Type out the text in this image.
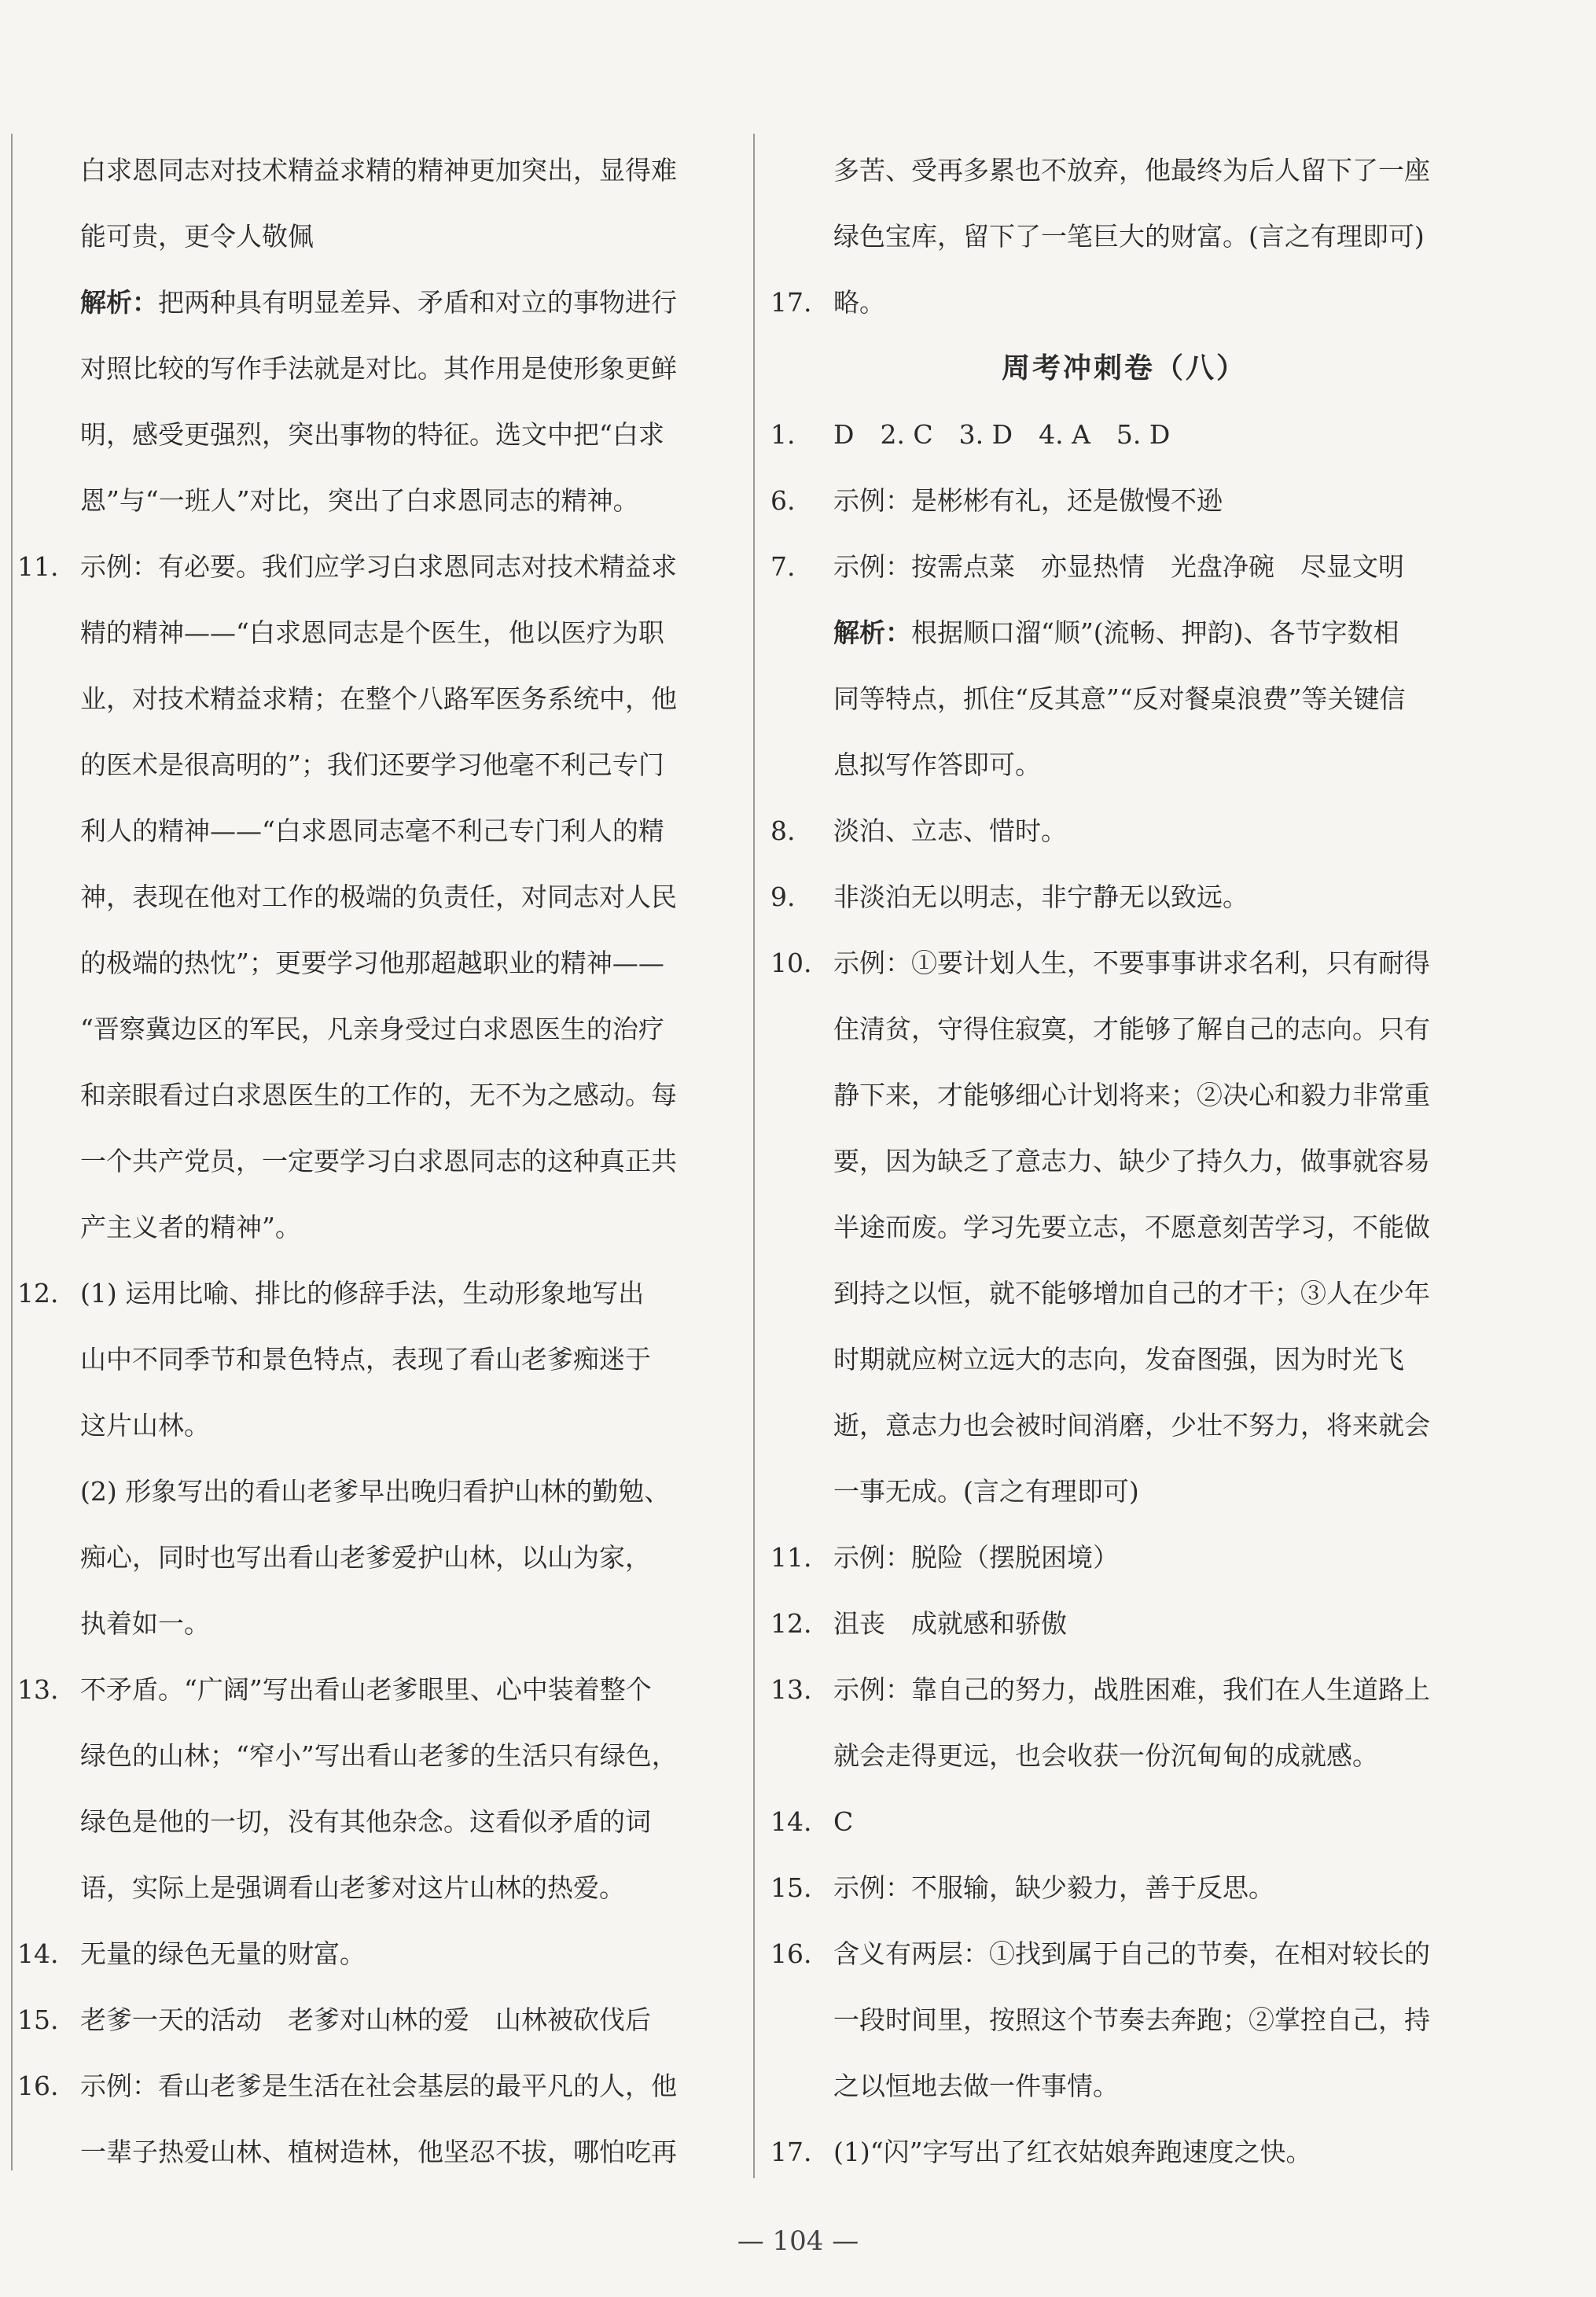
白求恩同志对技术精益求精的精神更加突出，显得难
能可贵，更令人敬佩
解析：把两种具有明显差异、矛盾和对立的事物进行
对照比较的写作手法就是对比。其作用是使形象更鲜
明，感受更强烈，突出事物的特征。选文中把“白求
恩”与“一班人”对比，突出了白求恩同志的精神。
11. 示例：有必要。我们应学习白求恩同志对技术精益求
精的精神——“白求恩同志是个医生，他以医疗为职
业，对技术精益求精；在整个八路军医务系统中，他
的医术是很高明的”；我们还要学习他毫不利己专门
利人的精神——“白求恩同志毫不利己专门利人的精
神，表现在他对工作的极端的负责任，对同志对人民
的极端的热忱”；更要学习他那超越职业的精神——
“晋察冀边区的军民，凡亲身受过白求恩医生的治疗
和亲眼看过白求恩医生的工作的，无不为之感动。每
一个共产党员，一定要学习白求恩同志的这种真正共
产主义者的精神”。
12. (1) 运用比喻、排比的修辞手法，生动形象地写出
山中不同季节和景色特点，表现了看山老爹痴迷于
这片山林。
(2) 形象写出的看山老爹早出晚归看护山林的勤勉、
痴心，同时也写出看山老爹爱护山林，以山为家，
执着如一。
13. 不矛盾。“广阔”写出看山老爹眼里、心中装着整个
绿色的山林；“窄小”写出看山老爹的生活只有绿色，
绿色是他的一切，没有其他杂念。这看似矛盾的词
语，实际上是强调看山老爹对这片山林的热爱。
14. 无量的绿色无量的财富。
15. 老爹一天的活动　老爹对山林的爱　山林被砍伐后
16. 示例：看山老爹是生活在社会基层的最平凡的人，他
一辈子热爱山林、植树造林，他坚忍不拔，哪怕吃再
多苦、受再多累也不放弃，他最终为后人留下了一座
绿色宝库，留下了一笔巨大的财富。(言之有理即可)
17. 略。
周考冲刺卷（八）
1. D　2. C　3. D　4. A　5. D
6. 示例：是彬彬有礼，还是傲慢不逊
7. 示例：按需点菜　亦显热情　光盘净碗　尽显文明
解析：根据顺口溜“顺”(流畅、押韵)、各节字数相
同等特点，抓住“反其意”“反对餐桌浪费”等关键信
息拟写作答即可。
8. 淡泊、立志、惜时。
9. 非淡泊无以明志，非宁静无以致远。
10. 示例：①要计划人生，不要事事讲求名利，只有耐得
住清贫，守得住寂寞，才能够了解自己的志向。只有
静下来，才能够细心计划将来；②决心和毅力非常重
要，因为缺乏了意志力、缺少了持久力，做事就容易
半途而废。学习先要立志，不愿意刻苦学习，不能做
到持之以恒，就不能够增加自己的才干；③人在少年
时期就应树立远大的志向，发奋图强，因为时光飞
逝，意志力也会被时间消磨，少壮不努力，将来就会
一事无成。(言之有理即可)
11. 示例：脱险（摆脱困境）
12. 沮丧　成就感和骄傲
13. 示例：靠自己的努力，战胜困难，我们在人生道路上
就会走得更远，也会收获一份沉甸甸的成就感。
14. C
15. 示例：不服输，缺少毅力，善于反思。
16. 含义有两层：①找到属于自己的节奏，在相对较长的
一段时间里，按照这个节奏去奔跑；②掌控自己，持
之以恒地去做一件事情。
17. (1)“闪”字写出了红衣姑娘奔跑速度之快。
— 104 —
